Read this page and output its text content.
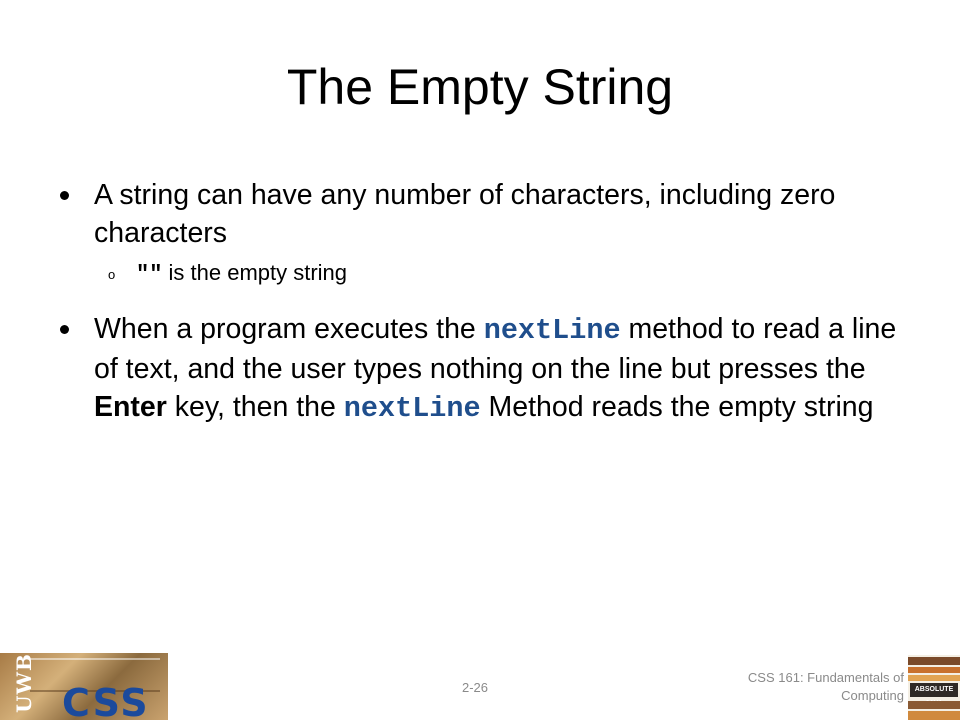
The Empty String
A string can have any number of characters, including zero characters
o "" is the empty string
When a program executes the nextLine method to read a line of text, and the user types nothing on the line but presses the Enter key, then the nextLine Method reads the empty string
UWB CSS	2-26
CSS 161: Fundamentals of Computing	ABSOLUTE
